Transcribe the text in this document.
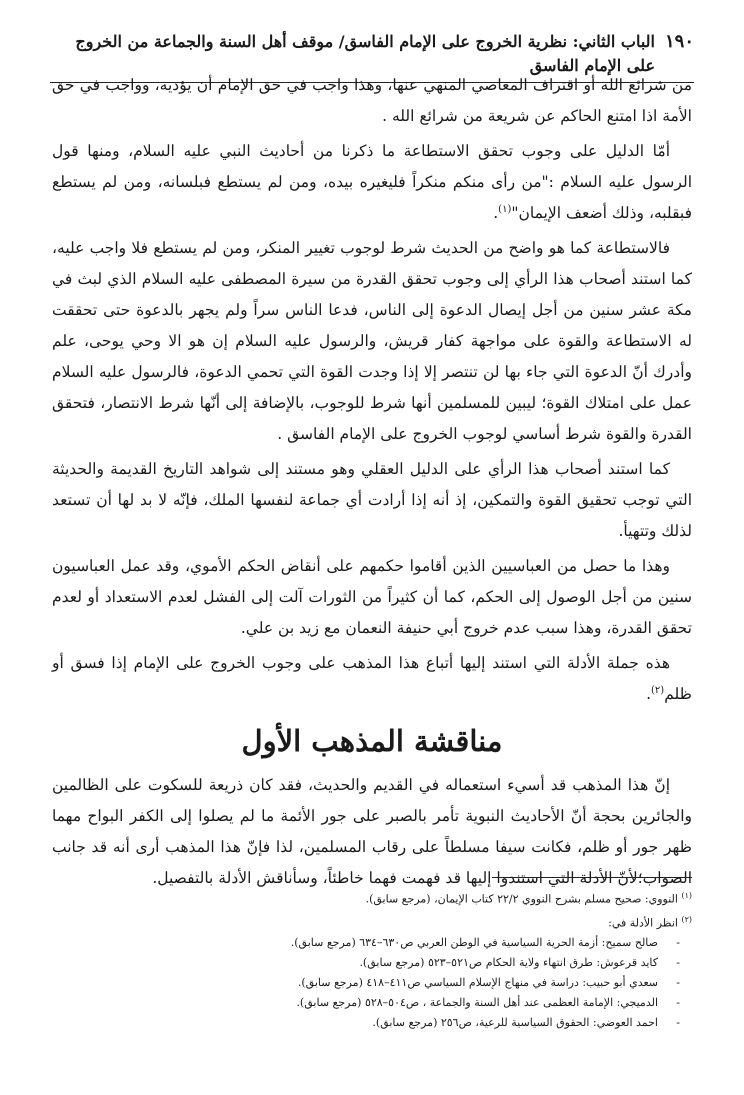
١٩٠
الباب الثاني: نظرية الخروج على الإمام الفاسق/ موقف أهل السنة والجماعة من الخروج على الإمام الفاسق

من شرائع الله أو اقتراف المعاصي المنهي عنها، وهذا واجب في حق الإمام أن يؤديه، وواجب في حق الأمة اذا امتنع الحاكم عن شريعة من شرائع الله .

أمّا الدليل على وجوب تحقق الاستطاعة ما ذكرنا من أحاديث النبي عليه السلام، ومنها قول الرسول عليه السلام :"من رأى منكم منكراً فليغيره بيده، ومن لم يستطع فبلسانه، ومن لم يستطع فبقلبه، وذلك أضعف الإيمان"$^{(١)}$.

فالاستطاعة كما هو واضح من الحديث شرط لوجوب تغيير المنكر، ومن لم يستطع فلا واجب عليه، كما استند أصحاب هذا الرأي إلى وجوب تحقق القدرة من سيرة المصطفى عليه السلام الذي لبث في مكة عشر سنين من أجل إيصال الدعوة إلى الناس، فدعا الناس سراً ولم يجهر بالدعوة حتى تحققت له الاستطاعة والقوة على مواجهة كفار قريش، والرسول عليه السلام إن هو الا وحي يوحى، علم وأدرك أنّ الدعوة التي جاء بها لن تنتصر إلا إذا وجدت القوة التي تحمي الدعوة، فالرسول عليه السلام عمل على امتلاك القوة؛ ليبين للمسلمين أنها شرط للوجوب، بالإضافة إلى أنّها شرط الانتصار، فتحقق القدرة والقوة شرط أساسي لوجوب الخروج على الإمام الفاسق .

كما استند أصحاب هذا الرأي على الدليل العقلي وهو مستند إلى شواهد التاريخ القديمة والحديثة التي توجب تحقيق القوة والتمكين، إذ أنه إذا أرادت أي جماعة لنفسها الملك، فإنّه لا بد لها أن تستعد لذلك وتتهيأ.

وهذا ما حصل من العباسيين الذين أقاموا حكمهم على أنقاض الحكم الأموي، وقد عمل العباسيون سنين من أجل الوصول إلى الحكم، كما أن كثيراً من الثورات آلت إلى الفشل لعدم الاستعداد أو لعدم تحقق القدرة، وهذا سبب عدم خروج أبي حنيفة النعمان مع زيد بن علي.

هذه جملة الأدلة التي استند إليها أتباع هذا المذهب على وجوب الخروج على الإمام إذا فسق أو ظلم$^{(٢)}$.

مناقشة المذهب الأول

إنّ هذا المذهب قد أسيء استعماله في القديم والحديث، فقد كان ذريعة للسكوت على الظالمين والجائرين بحجة أنّ الأحاديث النبوية تأمر بالصبر على جور الأئمة ما لم يصلوا إلى الكفر البواح مهما ظهر جور أو ظلم، فكانت سيفا مسلطاً على رقاب المسلمين، لذا فإنّ هذا المذهب أرى أنه قد جانب الصواب؛لأنّ الأدلة التي استندوا إليها قد فهمت فهما خاطئاً، وسأناقش الأدلة بالتفصيل.

$^{(١)}$ النووي: صحيح مسلم بشرح النووي ٢٢/٢ كتاب الإيمان، (مرجع سابق).

$^{(٢)}$ انظر الأدلة في:

-صالح سميح: أزمة الحرية السياسية في الوطن العربي ص٦٣٠–٦٣٤ (مرجع سابق).
-كايد قرعوش: طرق انتهاء ولاية الحكام ص٥٢١–٥٢٣ (مرجع سابق).
-سعدي أبو حبيب: دراسة في منهاج الإسلام السياسي ص٤١١–٤١٨ (مرجع سابق).
-الدميجي: الإمامة العظمى عند أهل السنة والجماعة ، ص٥٠٤–٥٢٨ (مرجع سابق).
-احمد العوضي: الحقوق السياسية للرعية، ص٢٥٦ (مرجع سابق).
